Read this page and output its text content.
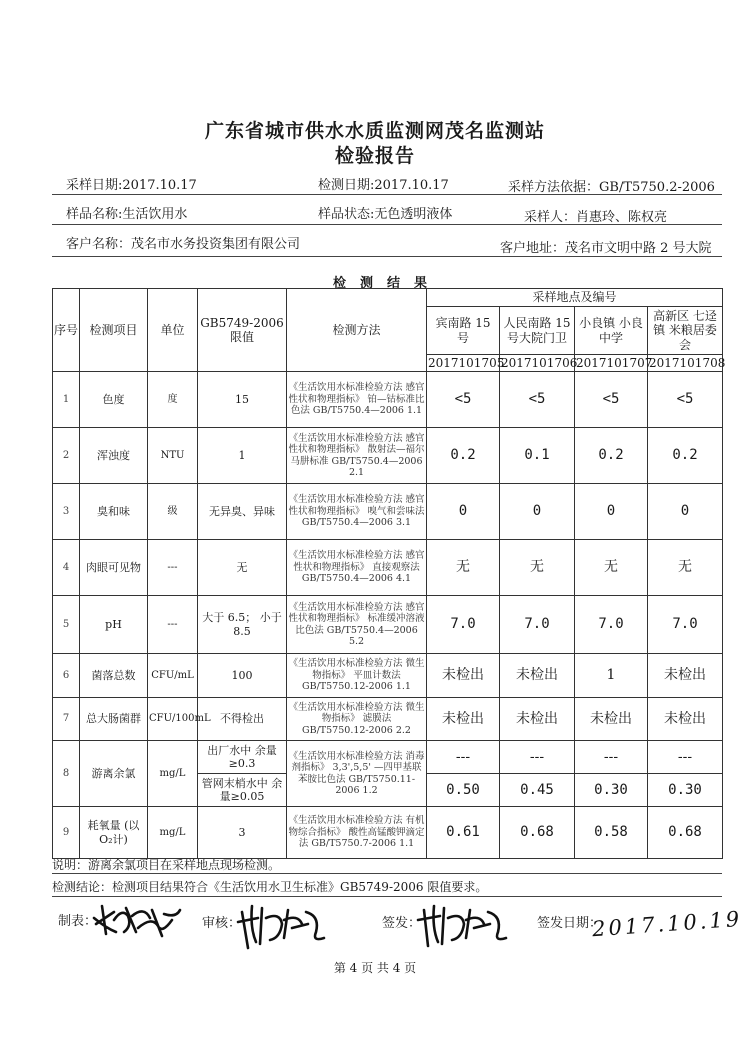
广东省城市供水水质监测网茂名监测站
检验报告
采样日期:2017.10.17	检测日期:2017.10.17	采样方法依据：GB/T5750.2-2006
样品名称:生活饮用水	样品状态:无色透明液体	采样人：肖惠玲、陈权亮
客户名称：茂名市水务投资集团有限公司	客户地址：茂名市文明中路 2 号大院
检测结果
序号	检测项目	单位	GB5749-2006 限值	检测方法	采样地点及编号			
					宾南路 15 号	人民南路 15 号大院门卫	小良镇 小良中学	高新区 七迳镇 米粮居委会
					2017101705	2017101706	2017101707	2017101708
1	色度	度	15	《生活饮用水标准检验方法 感官性状和物理指标》 铂—钴标准比色法 GB/T5750.4—2006 1.1	<5	<5	<5	<5
2	浑浊度	NTU	1	《生活饮用水标准检验方法 感官性状和物理指标》 散射法—福尔马肼标准 GB/T5750.4—2006 2.1	0.2	0.1	0.2	0.2
3	臭和味	级	无异臭、异味	《生活饮用水标准检验方法 感官性状和物理指标》 嗅气和尝味法 GB/T5750.4—2006 3.1	0	0	0	0
4	肉眼可见物	---	无	《生活饮用水标准检验方法 感官性状和物理指标》 直接观察法 GB/T5750.4—2006 4.1	无	无	无	无
5	pH	---	大于 6.5； 小于 8.5	《生活饮用水标准检验方法 感官性状和物理指标》 标准缓冲溶液比色法 GB/T5750.4—2006 5.2	7.0	7.0	7.0	7.0
6	菌落总数	CFU/mL	100	《生活饮用水标准检验方法 微生物指标》 平皿计数法 GB/T5750.12-2006 1.1	未检出	未检出	1	未检出
7	总大肠菌群	CFU/100mL	不得检出	《生活饮用水标准检验方法 微生物指标》 滤膜法 GB/T5750.12-2006 2.2	未检出	未检出	未检出	未检出
8	游离余氯	mg/L	出厂水中 余量≥0.3	《生活饮用水标准检验方法 消毒剂指标》 3,3',5,5' —四甲基联苯胺比色法 GB/T5750.11-2006 1.2	---	---	---	---
			管网末梢水中 余量≥0.05		0.50	0.45	0.30	0.30
9	耗氧量 (以O₂计)	mg/L	3	《生活饮用水标准检验方法 有机物综合指标》 酸性高锰酸钾滴定法 GB/T5750.7-2006 1.1	0.61	0.68	0.58	0.68
说明：游离余氯项目在采样地点现场检测。
检测结论：检测项目结果符合《生活饮用水卫生标准》GB5749-2006 限值要求。
制表：	审核：	签发：	签发日期：
2017.10.19
第 4 页 共 4 页
